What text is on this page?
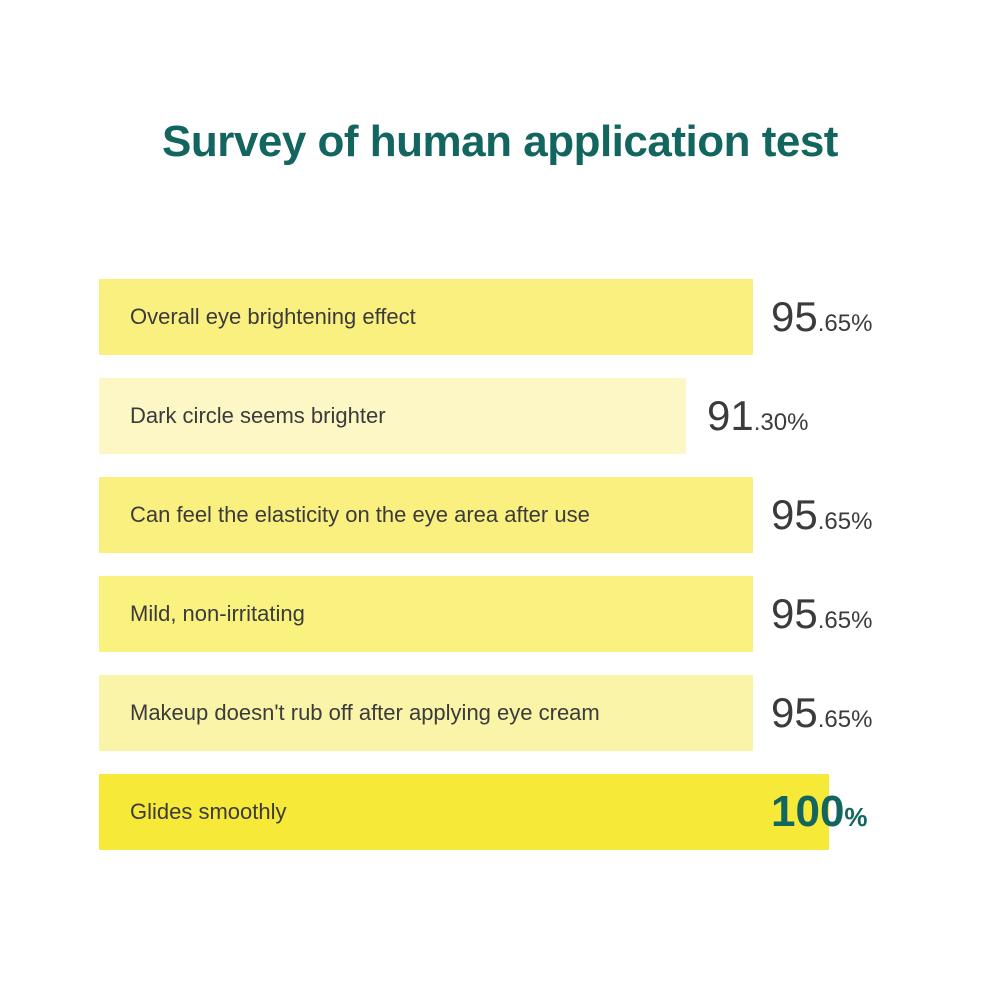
Survey of human application test
Overall eye brightening effect	95 .65%
Dark circle seems brighter	91 .30%
Can feel the elasticity on the eye area after use	95 .65%
Mild, non-irritating	95 .65%
Makeup doesn't rub off after applying eye cream	95 .65%
Glides smoothly	100 %
